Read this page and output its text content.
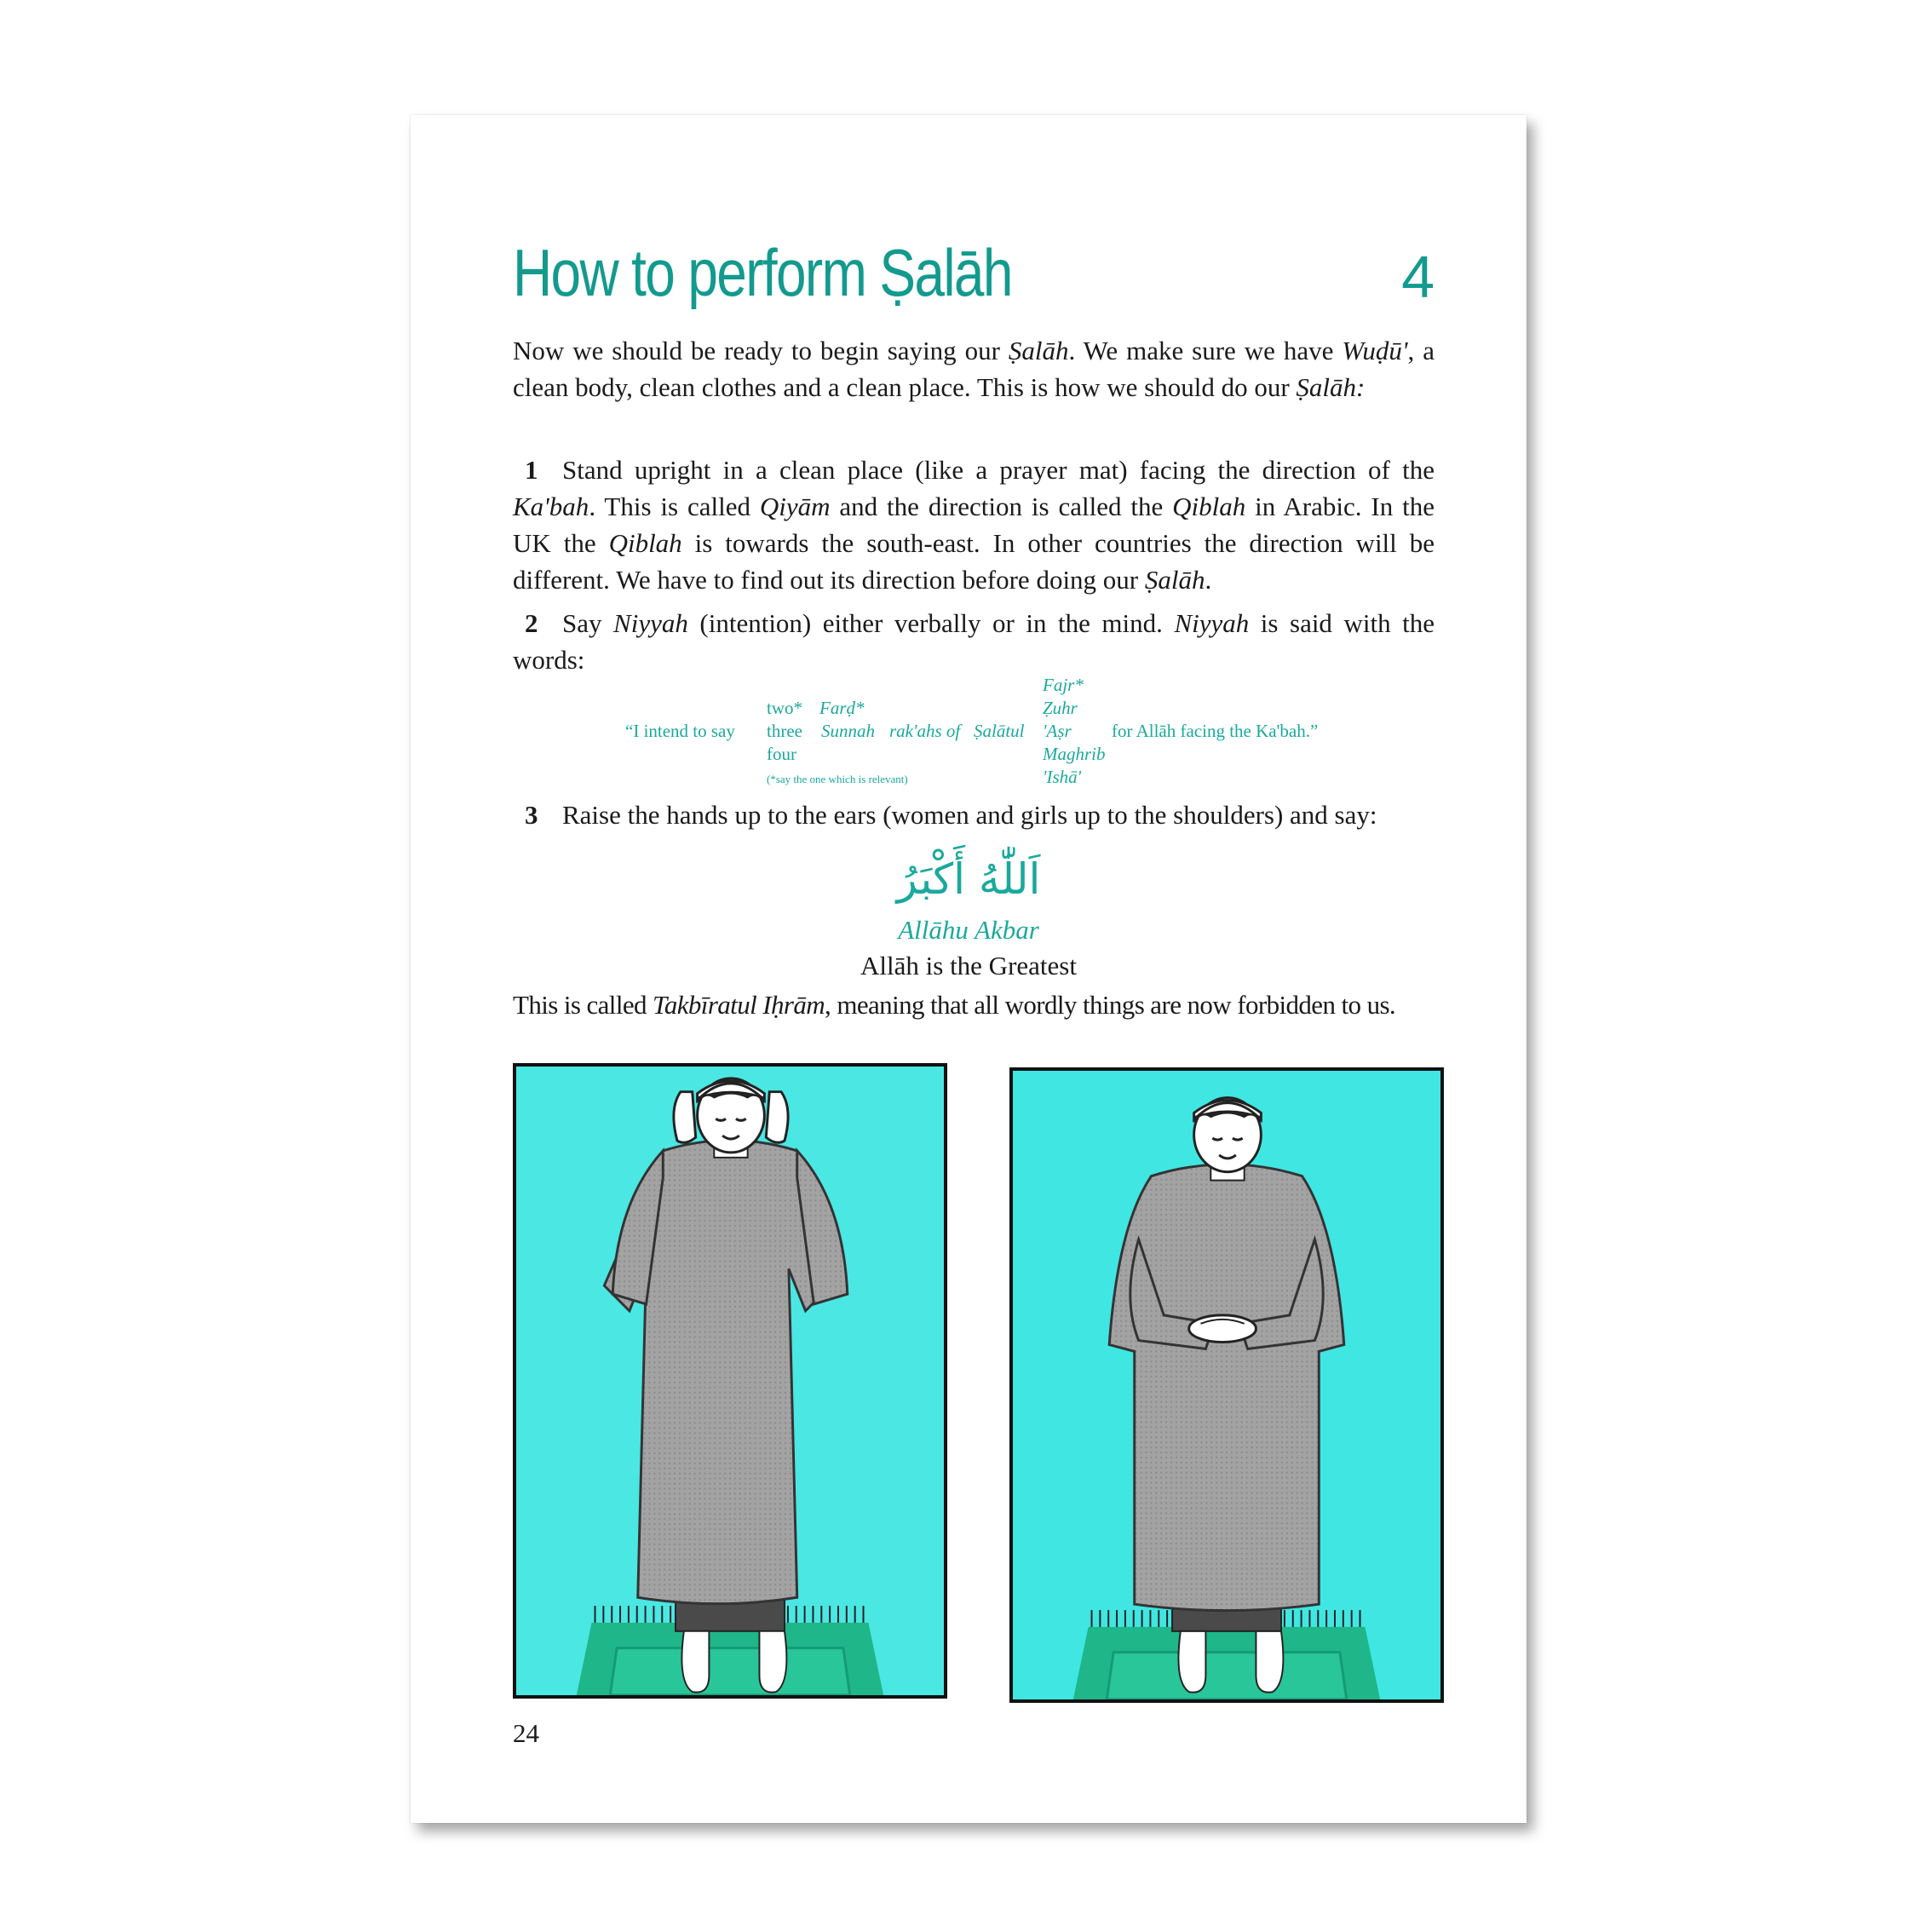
How to perform Ṣalāh	4

Now we should be ready to begin saying our Ṣalāh. We make sure we have Wuḍū', a clean body, clean clothes and a clean place. This is how we should do our Ṣalāh:

1 Stand upright in a clean place (like a prayer mat) facing the direction of the Ka'bah. This is called Qiyām and the direction is called the Qiblah in Arabic. In the UK the Qiblah is towards the south-east. In other countries the direction will be different. We have to find out its direction before doing our Ṣalāh.

2 Say Niyyah (intention) either verbally or in the mind. Niyyah is said with the words:

“I intend to say
two*
three
four
Farḍ*
Sunnah rak'ahs of Ṣalātul
Fajr*
Ẓuhr
'Aṣr
Maghrib
'Ishā'
for Allāh facing the Ka'bah.”
(*say the one which is relevant)

3 Raise the hands up to the ears (women and girls up to the shoulders) and say:

اَللّٰهُ أَكْبَرُ
Allāhu Akbar
Allāh is the Greatest

This is called Takbīratul Iḥrām, meaning that all wordly things are now forbidden to us.

24
